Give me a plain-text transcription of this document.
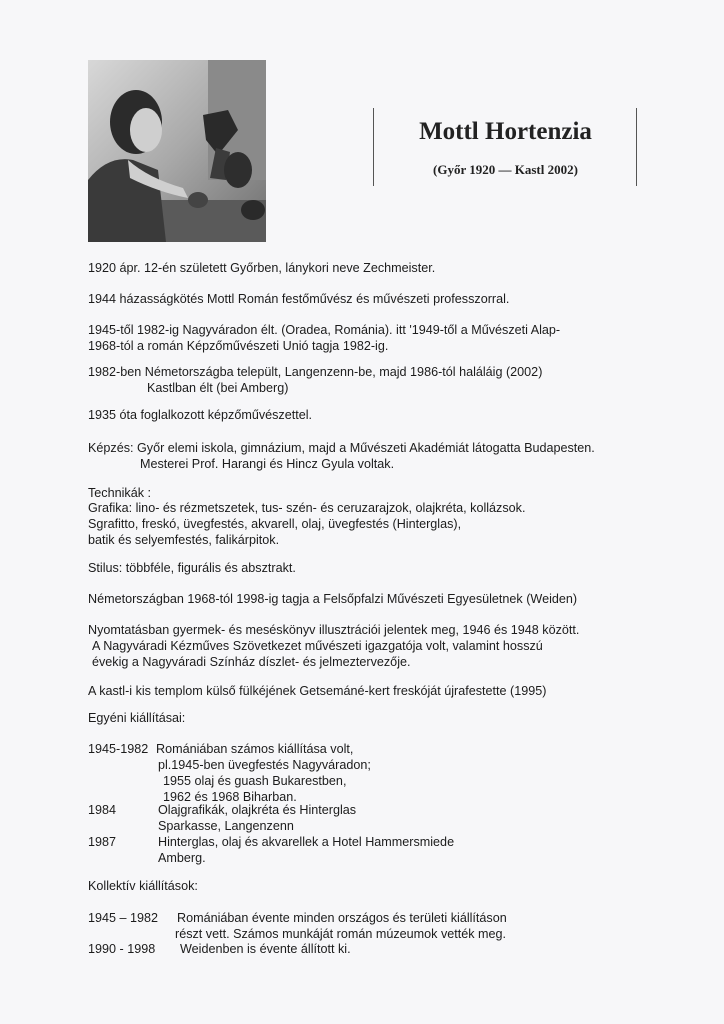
Mottl Hortenzia
(Győr 1920 — Kastl 2002)
1920 ápr. 12-én született Győrben, lánykori neve Zechmeister.
1944 házasságkötés Mottl Román festőművész és művészeti professzorral.
1945-től 1982-ig Nagyváradon élt. (Oradea, Románia). itt '1949-től a Művészeti Alap-
1968-tól a román Képzőművészeti Unió tagja 1982-ig.
1982-ben Németországba települt, Langenzenn-be, majd 1986-tól haláláig (2002)
Kastlban élt (bei Amberg)
1935 óta foglalkozott képzőművészettel.
Képzés: Győr elemi iskola, gimnázium, majd a Művészeti Akadémiát látogatta Budapesten.
Mesterei Prof. Harangi és Hincz Gyula voltak.
Technikák :
Grafika: lino- és rézmetszetek, tus- szén- és ceruzarajzok, olajkréta, kollázsok.
Sgrafitto, freskó, üvegfestés, akvarell, olaj, üvegfestés (Hinterglas),
batik és selyemfestés, falikárpitok.
Stilus: többféle, figurális és absztrakt.
Németországban 1968-tól 1998-ig tagja a Felsőpfalzi Művészeti Egyesületnek (Weiden)
Nyomtatásban gyermek- és meséskönyv illusztrációi jelentek meg, 1946 és 1948 között.
A Nagyváradi Kézműves Szövetkezet művészeti igazgatója volt, valamint hosszú
évekig a Nagyváradi Színház díszlet- és jelmeztervezője.
A kastl-i kis templom külső fülkéjének Getsemáné-kert freskóját újrafestette (1995)
Egyéni kiállításai:
1945-1982 Romániában számos kiállítása volt,
pl.1945-ben üvegfestés Nagyváradon;
1955 olaj és guash Bukarestben,
1962 és 1968 Biharban.
1984	Olajgrafikák, olajkréta és Hinterglas
Sparkasse, Langenzenn
1987	Hinterglas, olaj és akvarellek a Hotel Hammersmiede
Amberg.
Kollektív kiállítások:
1945 – 1982 Romániában évente minden országos és területi kiállításon
részt vett. Számos munkáját román múzeumok vették meg.
1990 - 1998 Weidenben is évente állított ki.
